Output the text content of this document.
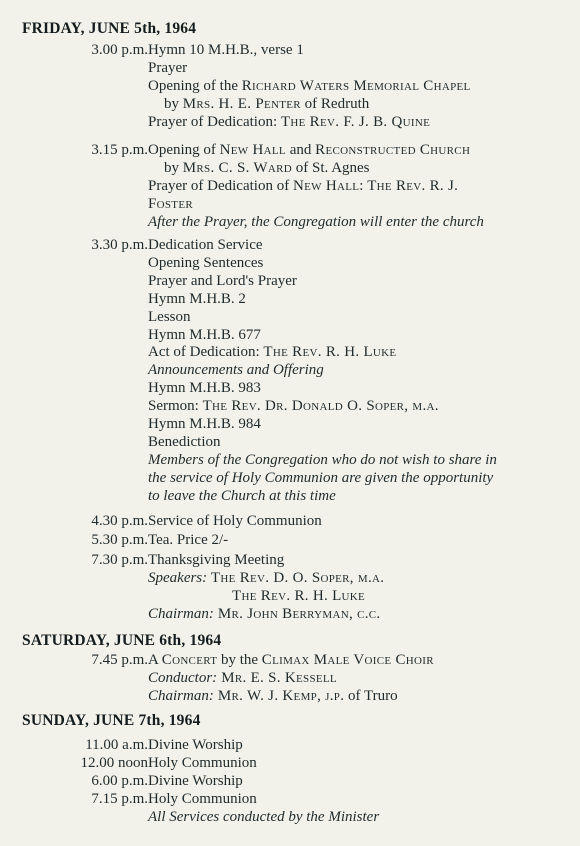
FRIDAY, JUNE 5th, 1964
3.00 p.m. Hymn 10 M.H.B., verse 1
Prayer
Opening of the Richard Waters Memorial Chapel
by Mrs. H. E. Penter of Redruth
Prayer of Dedication: The Rev. F. J. B. Quine
3.15 p.m. Opening of New Hall and Reconstructed Church
by Mrs. C. S. Ward of St. Agnes
Prayer of Dedication of New Hall: The Rev. R. J.
Foster
After the Prayer, the Congregation will enter the church
3.30 p.m. Dedication Service
Opening Sentences
Prayer and Lord's Prayer
Hymn M.H.B. 2
Lesson
Hymn M.H.B. 677
Act of Dedication: The Rev. R. H. Luke
Announcements and Offering
Hymn M.H.B. 983
Sermon: The Rev. Dr. Donald O. Soper, m.a.
Hymn M.H.B. 984
Benediction
Members of the Congregation who do not wish to share in
the service of Holy Communion are given the opportunity
to leave the Church at this time
4.30 p.m. Service of Holy Communion
5.30 p.m. Tea. Price 2/-
7.30 p.m. Thanksgiving Meeting
Speakers: The Rev. D. O. Soper, m.a.
The Rev. R. H. Luke
Chairman: Mr. John Berryman, c.c.
SATURDAY, JUNE 6th, 1964
7.45 p.m. A Concert by the Climax Male Voice Choir
Conductor: Mr. E. S. Kessell
Chairman: Mr. W. J. Kemp, j.p. of Truro
SUNDAY, JUNE 7th, 1964
11.00 a.m. Divine Worship
12.00 noon Holy Communion
6.00 p.m. Divine Worship
7.15 p.m. Holy Communion
All Services conducted by the Minister
